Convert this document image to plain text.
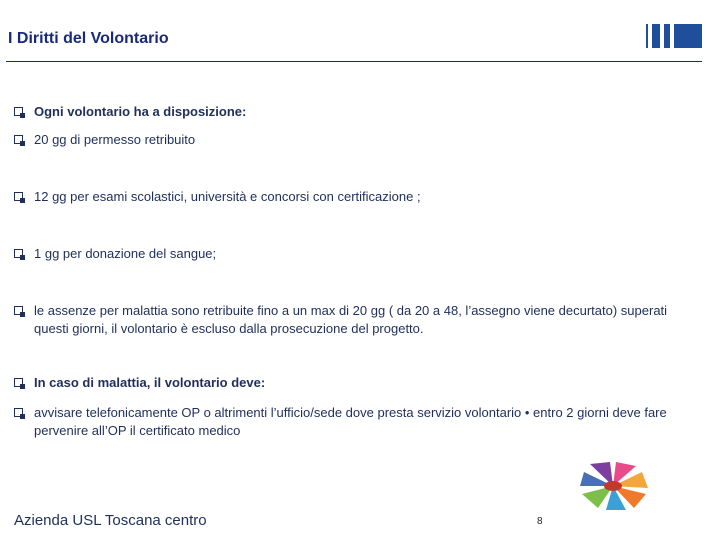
I Diritti del Volontario
Ogni volontario ha a disposizione:
20 gg di permesso retribuito
12 gg per esami scolastici, università e concorsi con certificazione ;
1 gg per donazione del sangue;
le assenze per malattia sono retribuite fino a un max di 20 gg ( da 20 a 48, l’assegno viene decurtato) superati questi giorni, il volontario è escluso dalla prosecuzione del progetto.
In caso di malattia, il volontario deve:
avvisare telefonicamente OP o altrimenti l’ufficio/sede dove presta servizio volontario • entro 2 giorni deve fare pervenire all’OP il certificato medico
Azienda USL Toscana centro	8
